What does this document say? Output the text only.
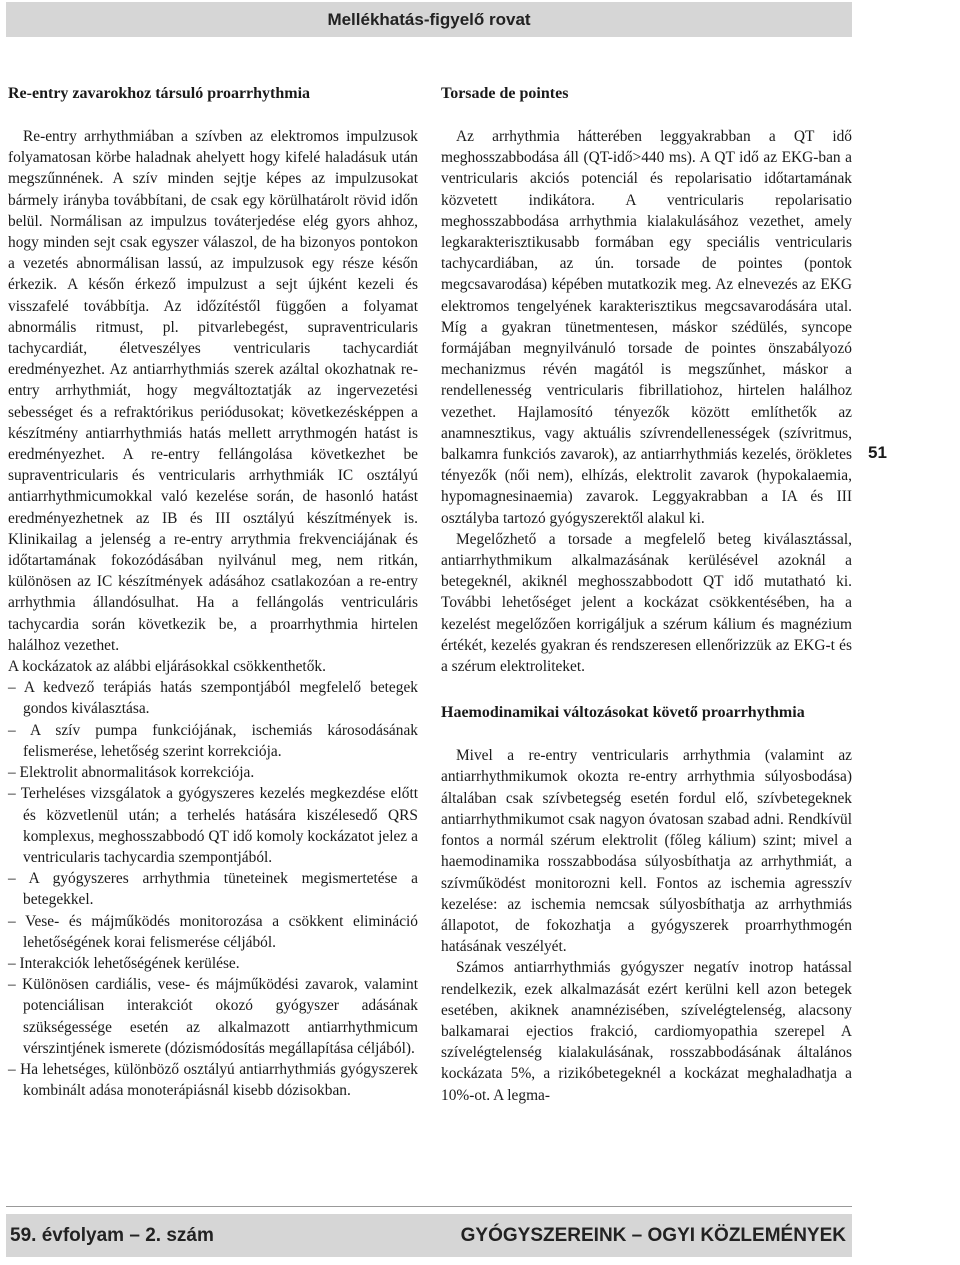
Mellékhatás-figyelő rovat
Re-entry zavarokhoz társuló proarrhythmia

Re-entry arrhythmiában a szívben az elektromos impulzusok folyamatosan körbe haladnak ahelyett hogy kifelé haladásuk után megszűnnének. A szív minden sejtje képes az impulzusokat bármely irányba továbbítani, de csak egy körülhatárolt rövid időn belül. Normálisan az impulzus továterjedése elég gyors ahhoz, hogy minden sejt csak egyszer válaszol, de ha bizonyos pontokon a vezetés abnormálisan lassú, az impulzusok egy része későn érkezik. A későn érkező impulzust a sejt újként kezeli és visszafelé továbbítja. Az időzítéstől függően a folyamat abnormális ritmust, pl. pitvarlebegést, supraventricularis tachycardiát, életveszélyes ventricularis tachycardiát eredményezhet. Az antiarrhythmiás szerek azáltal okozhatnak re-entry arrhythmiát, hogy megváltoztatják az ingervezetési sebességet és a refraktórikus periódusokat; következésképpen a készítmény antiarrhythmiás hatás mellett arrythmogén hatást is eredményezhet. A re-entry fellángolása következhet be supraventricularis és ventricularis arrhythmiák IC osztályú antiarrhythmicumokkal való kezelése során, de hasonló hatást eredményezhetnek az IB és III osztályú készítmények is. Klinikailag a jelenség a re-entry arrythmia frekvenciájának és időtartamának fokozódásában nyilvánul meg, nem ritkán, különösen az IC készítmények adásához csatlakozóan a re-entry arrhythmia állandósulhat. Ha a fellángolás ventriculáris tachycardia során következik be, a proarrhythmia hirtelen halálhoz vezethet.

A kockázatok az alábbi eljárásokkal csökkenthetők.

– A kedvező terápiás hatás szempontjából megfelelő betegek gondos kiválasztása.
– A szív pumpa funkciójának, ischemiás károsodásának felismerése, lehetőség szerint korrekciója.
– Elektrolit abnormalitások korrekciója.
– Terheléses vizsgálatok a gyógyszeres kezelés megkezdése előtt és közvetlenül után; a terhelés hatására kiszélesedő QRS komplexus, meghosszabbodó QT idő komoly kockázatot jelez a ventricularis tachycardia szempontjából.
– A gyógyszeres arrhythmia tüneteinek megismertetése a betegekkel.
– Vese- és májműködés monitorozása a csökkent elimináció lehetőségének korai felismerése céljából.
– Interakciók lehetőségének kerülése.
– Különösen cardiális, vese- és májműködési zavarok, valamint potenciálisan interakciót okozó gyógyszer adásának szükségessége esetén az alkalmazott antiarrhythmicum vérszintjének ismerete (dózismódosítás megállapítása céljából).
– Ha lehetséges, különböző osztályú antiarrhythmiás gyógyszerek kombinált adása monoterápiásnál kisebb dózisokban.
Torsade de pointes

Az arrhythmia hátterében leggyakrabban a QT idő meghosszabbodása áll (QT-idő>440 ms). A QT idő az EKG-ban a ventricularis akciós potenciál és repolarisatio időtartamának közvetett indikátora. A ventricularis repolarisatio meghosszabbodása arrhythmia kialakulásához vezethet, amely legkarakterisztikusabb formában egy speciális ventricularis tachycardiában, az ún. torsade de pointes (pontok megcsavarodása) képében mutatkozik meg. Az elnevezés az EKG elektromos tengelyének karakterisztikus megcsavarodására utal. Míg a gyakran tünetmentesen, máskor szédülés, syncope formájában megnyilvánuló torsade de pointes önszabályozó mechanizmus révén magától is megszűnhet, máskor a rendellenesség ventricularis fibrillatiohoz, hirtelen halálhoz vezethet. Hajlamosító tényezők között említhetők az anamnesztikus, vagy aktuális szívrendellenességek (szívritmus, balkamra funkciós zavarok), az antiarrhythmiás kezelés, örökletes tényezők (női nem), elhízás, elektrolit zavarok (hypokalaemia, hypomagnesinaemia) zavarok. Leggyakrabban a IA és III osztályba tartozó gyógyszerektől alakul ki.

Megelőzhető a torsade a megfelelő beteg kiválasztással, antiarrhythmikum alkalmazásának kerülésével azoknál a betegeknél, akiknél meghosszabbodott QT idő mutatható ki. További lehetőséget jelent a kockázat csökkentésében, ha a kezelést megelőzően korrigáljuk a szérum kálium és magnézium értékét, kezelés gyakran és rendszeresen ellenőrizzük az EKG-t és a szérum elektroliteket.

Haemodinamikai változásokat követő proarrhythmia

Mivel a re-entry ventricularis arrhythmia (valamint az antiarrhythmikumok okozta re-entry arrhythmia súlyosbodása) általában csak szívbetegség esetén fordul elő, szívbetegeknek antiarrhythmikumot csak nagyon óvatosan szabad adni. Rendkívül fontos a normál szérum elektrolit (főleg kálium) szint; mivel a haemodinamika rosszabbodása súlyosbíthatja az arrhythmiát, a szívműködést monitorozni kell. Fontos az ischemia agresszív kezelése: az ischemia nemcsak súlyosbíthatja az arrhythmiás állapotot, de fokozhatja a gyógyszerek proarrhythmogén hatásának veszélyét.

Számos antiarrhythmiás gyógyszer negatív inotrop hatással rendelkezik, ezek alkalmazását ezért kerülni kell azon betegek esetében, akiknek anamnézisében, szívelégtelenség, alacsony balkamarai ejectios frakció, cardiomyopathia szerepel A szívelégtelenség kialakulásának, rosszabbodásának általános kockázata 5%, a rizikóbetegeknél a kockázat meghaladhatja a 10%-ot. A legma-

51
59. évfolyam – 2. szám	GYÓGYSZEREINK – OGYI KÖZLEMÉNYEK
